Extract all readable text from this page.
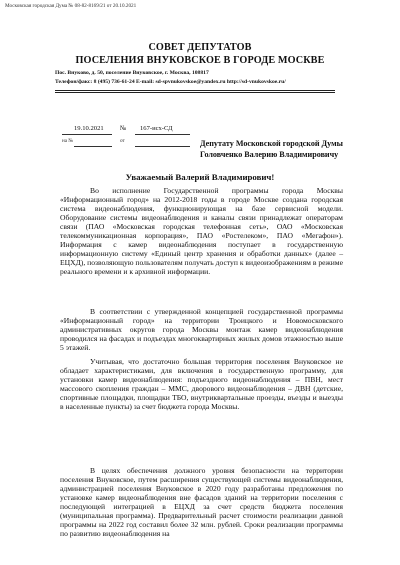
Московская городская Дума № 08-82-8169/21 от 20.10.2021
СОВЕТ ДЕПУТАТОВ
ПОСЕЛЕНИЯ ВНУКОВСКОЕ В ГОРОДЕ МОСКВЕ
Пос. Внуково, д. 50, поселение Внуковское, г. Москва, 108817
Телефон/факс: 8 (495) 736-61-24 E-mail: sd-spvnukovskoe@yandex.ru http://sd-vnukovskoe.ru/
19.10.2021 № 167-исх-СД
на №	от	Депутату Московской городской Думы
Головченко Валерию Владимировичу
Уважаемый Валерий Владимирович!

Во исполнение Государственной программы города Москвы «Информационный город» на 2012-2018 годы в городе Москве создана городская система видеонаблюдения, функционирующая на базе сервисной модели. Оборудование системы видеонаблюдения и каналы связи принадлежат операторам связи (ПАО «Московская городская телефонная сеть», ОАО «Московская телекоммуникационная корпорация», ПАО «Ростелеком», ПАО «Мегафон»). Информация с камер видеонаблюдения поступает в государственную информационную систему «Единый центр хранения и обработки данных» (далее – ЕЦХД), позволяющую пользователям получать доступ к видеоизображениям в режиме реального времени и к архивной информации.

В соответствии с утвержденной концепцией государственной программы «Информационный город» на территории Троицкого и Новомосковского административных округов города Москвы монтаж камер видеонаблюдения проводился на фасадах и подъездах многоквартирных жилых домов этажностью выше 5 этажей.

Учитывая, что достаточно большая территория поселения Внуковское не обладает характеристиками, для включения в государственную программу, для установки камер видеонаблюдения: подъездного видеонаблюдения – ПВН, мест массового скопления граждан – ММС, дворового видеонаблюдения – ДВН (детские, спортивные площадки, площадки ТБО, внутриквартальные проезды, въезды и выезды в населенные пункты) за счет бюджета города Москвы.

В целях обеспечения должного уровня безопасности на территории поселения Внуковское, путем расширения существующей системы видеонаблюдения, администрацией поселения Внуковское в 2020 году разработаны предложения по установке камер видеонаблюдения вне фасадов зданий на территории поселения с последующей интеграцией в ЕЦХД за счет средств бюджета поселения (муниципальная программа). Предварительный расчет стоимости реализации данной программы на 2022 год составил более 32 млн. рублей. Сроки реализации программы по развитию видеонаблюдения на
